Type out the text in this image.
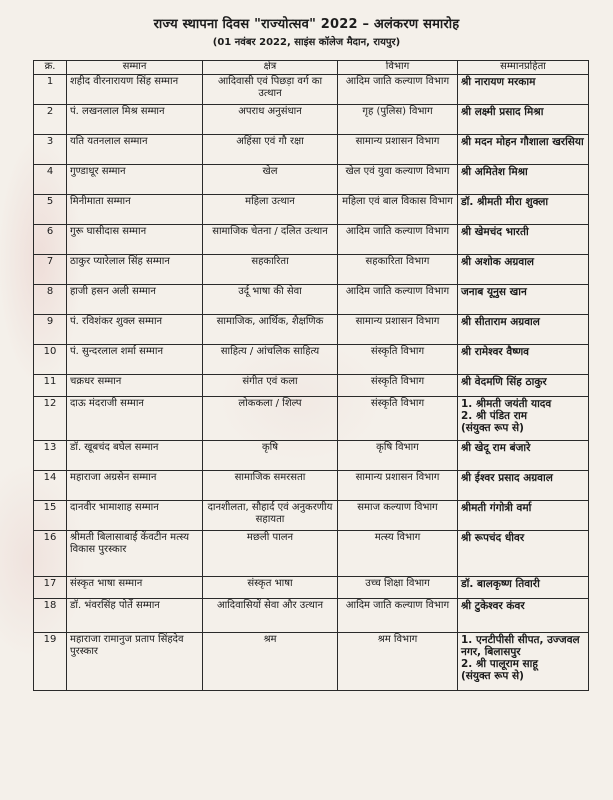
राज्य स्थापना दिवस "राज्योत्सव" 2022 – अलंकरण समारोह
(01 नवंबर 2022, साइंस कॉलेज मैदान, रायपुर)
क्र.	सम्मान	क्षेत्र	विभाग	सम्मानप्रहिता
1	शहीद वीरनारायण सिंह सम्मान	आदिवासी एवं पिछड़ा वर्ग का उत्थान	आदिम जाति कल्याण विभाग	श्री नारायण मरकाम

2	पं. लखनलाल मिश्र सम्मान	अपराध अनुसंधान	गृह (पुलिस) विभाग	श्री लक्ष्मी प्रसाद मिश्रा

3	यति यतनलाल सम्मान	अहिंसा एवं गौ रक्षा	सामान्य प्रशासन विभाग	श्री मदन मोहन गौशाला खरसिया

4	गुण्डाधूर सम्मान	खेल	खेल एवं युवा कल्याण विभाग	श्री अमितेश मिश्रा

5	मिनीमाता सम्मान	महिला उत्थान	महिला एवं बाल विकास विभाग	डॉ. श्रीमती मीरा शुक्ला

6	गुरू घासीदास सम्मान	सामाजिक चेतना / दलित उत्थान	आदिम जाति कल्याण विभाग	श्री खेमचंद भारती

7	ठाकुर प्यारेलाल सिंह सम्मान	सहकारिता	सहकारिता विभाग	श्री अशोक अग्रवाल

8	हाजी हसन अली सम्मान	उर्दू भाषा की सेवा	आदिम जाति कल्याण विभाग	जनाब यूनुस खान

9	पं. रविशंकर शुक्ल सम्मान	सामाजिक, आर्थिक, शैक्षणिक	सामान्य प्रशासन विभाग	श्री सीताराम अग्रवाल

10	पं. सुन्दरलाल शर्मा सम्मान	साहित्य / आंचलिक साहित्य	संस्कृति विभाग	श्री रामेश्वर वैष्णव

11	चक्रधर सम्मान	संगीत एवं कला	संस्कृति विभाग	श्री वेदमणि सिंह ठाकुर

12	दाऊ मंदराजी सम्मान	लोककला / शिल्प	संस्कृति विभाग	1. श्रीमती जयंती यादव
2. श्री पंडित राम
(संयुक्त रूप से)

13	डॉ. खूबचंद बघेल सम्मान	कृषि	कृषि विभाग	श्री खेदू राम बंजारे

14	महाराजा अग्रसेन सम्मान	सामाजिक समरसता	सामान्य प्रशासन विभाग	श्री ईश्वर प्रसाद अग्रवाल

15	दानवीर भामाशाह सम्मान	दानशीलता, सौहार्द एवं अनुकरणीय सहायता	समाज कल्याण विभाग	श्रीमती गंगोत्री वर्मा

16	श्रीमती बिलासाबाई केंवटीन मत्स्य विकास पुरस्कार	मछली पालन	मत्स्य विभाग	श्री रूपचंद धीवर

17	संस्कृत भाषा सम्मान	संस्कृत भाषा	उच्च शिक्षा विभाग	डॉ. बालकृष्ण तिवारी

18	डॉ. भंवरसिंह पोर्ते सम्मान	आदिवासियों सेवा और उत्थान	आदिम जाति कल्याण विभाग	श्री टुकेश्वर कंवर

19	महाराजा रामानुज प्रताप सिंहदेव पुरस्कार	श्रम	श्रम विभाग	1. एनटीपीसी सीपत, उज्जवल नगर, बिलासपुर
2. श्री पालूराम साहू
(संयुक्त रूप से)
